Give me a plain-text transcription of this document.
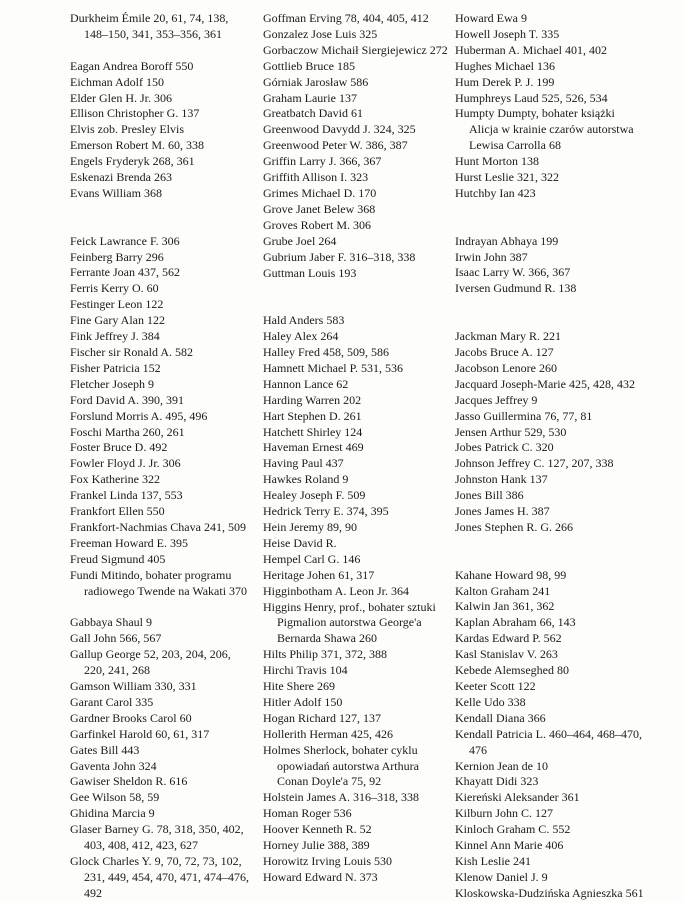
Durkheim Émile 20, 61, 74, 138, 148–150, 341, 353–356, 361
Eagan Andrea Boroff 550
Eichman Adolf 150
Elder Glen H. Jr. 306
Ellison Christopher G. 137
Elvis zob. Presley Elvis
Emerson Robert M. 60, 338
Engels Fryderyk 268, 361
Eskenazi Brenda 263
Evans William 368
Feick Lawrance F. 306
Feinberg Barry 296
Ferrante Joan 437, 562
Ferris Kerry O. 60
Festinger Leon 122
Fine Gary Alan 122
Fink Jeffrey J. 384
Fischer sir Ronald A. 582
Fisher Patricia 152
Fletcher Joseph 9
Ford David A. 390, 391
Forslund Morris A. 495, 496
Foschi Martha 260, 261
Foster Bruce D. 492
Fowler Floyd J. Jr. 306
Fox Katherine 322
Frankel Linda 137, 553
Frankfort Ellen 550
Frankfort-Nachmias Chava 241, 509
Freeman Howard E. 395
Freud Sigmund 405
Fundi Mitindo, bohater programu radiowego Twende na Wakati 370
Gabbaya Shaul 9
Gall John 566, 567
Gallup George 52, 203, 204, 206, 220, 241, 268
Gamson William 330, 331
Garant Carol 335
Gardner Brooks Carol 60
Garfinkel Harold 60, 61, 317
Gates Bill 443
Gaventa John 324
Gawiser Sheldon R. 616
Gee Wilson 58, 59
Ghidina Marcia 9
Glaser Barney G. 78, 318, 350, 402, 403, 408, 412, 423, 627
Glock Charles Y. 9, 70, 72, 73, 102, 231, 449, 454, 470, 471, 474–476, 492
Goffman Erving 78, 404, 405, 412
Gonzalez Jose Luis 325
Gorbaczow Michaił Siergiejewicz 272
Gottlieb Bruce 185
Górniak Jarosław 586
Graham Laurie 137
Greatbatch David 61
Greenwood Davydd J. 324, 325
Greenwood Peter W. 386, 387
Griffin Larry J. 366, 367
Griffith Allison I. 323
Grimes Michael D. 170
Grove Janet Belew 368
Groves Robert M. 306
Grube Joel 264
Gubrium Jaber F. 316–318, 338
Guttman Louis 193
Hald Anders 583
Haley Alex 264
Halley Fred 458, 509, 586
Hamnett Michael P. 531, 536
Hannon Lance 62
Harding Warren 202
Hart Stephen D. 261
Hatchett Shirley 124
Haveman Ernest 469
Having Paul 437
Hawkes Roland 9
Healey Joseph F. 509
Hedrick Terry E. 374, 395
Hein Jeremy 89, 90
Heise David R.
Hempel Carl G. 146
Heritage Johen 61, 317
Higginbotham A. Leon Jr. 364
Higgins Henry, prof., bohater sztuki Pigmalion autorstwa George'a Bernarda Shawa 260
Hilts Philip 371, 372, 388
Hirchi Travis 104
Hite Shere 269
Hitler Adolf 150
Hogan Richard 127, 137
Hollerith Herman 425, 426
Holmes Sherlock, bohater cyklu opowiadań autorstwa Arthura Conan Doyle'a 75, 92
Holstein James A. 316–318, 338
Homan Roger 536
Hoover Kenneth R. 52
Horney Julie 388, 389
Horowitz Irving Louis 530
Howard Edward N. 373
Howard Ewa 9
Howell Joseph T. 335
Huberman A. Michael 401, 402
Hughes Michael 136
Hum Derek P. J. 199
Humphreys Laud 525, 526, 534
Humpty Dumpty, bohater książki Alicja w krainie czarów autorstwa Lewisa Carrolla 68
Hunt Morton 138
Hurst Leslie 321, 322
Hutchby Ian 423
Indrayan Abhaya 199
Irwin John 387
Isaac Larry W. 366, 367
Iversen Gudmund R. 138
Jackman Mary R. 221
Jacobs Bruce A. 127
Jacobson Lenore 260
Jacquard Joseph-Marie 425, 428, 432
Jacques Jeffrey 9
Jasso Guillermina 76, 77, 81
Jensen Arthur 529, 530
Jobes Patrick C. 320
Johnson Jeffrey C. 127, 207, 338
Johnston Hank 137
Jones Bill 386
Jones James H. 387
Jones Stephen R. G. 266
Kahane Howard 98, 99
Kalton Graham 241
Kalwin Jan 361, 362
Kaplan Abraham 66, 143
Kardas Edward P. 562
Kasl Stanislav V. 263
Kebede Alemseghed 80
Keeter Scott 122
Kelle Udo 338
Kendall Diana 366
Kendall Patricia L. 460–464, 468–470, 476
Kernion Jean de 10
Khayatt Didi 323
Kiereński Aleksander 361
Kilburn John C. 127
Kinloch Graham C. 552
Kinnel Ann Marie 406
Kish Leslie 241
Klenow Daniel J. 9
Kloskowska-Dudzińska Agnieszka 561
